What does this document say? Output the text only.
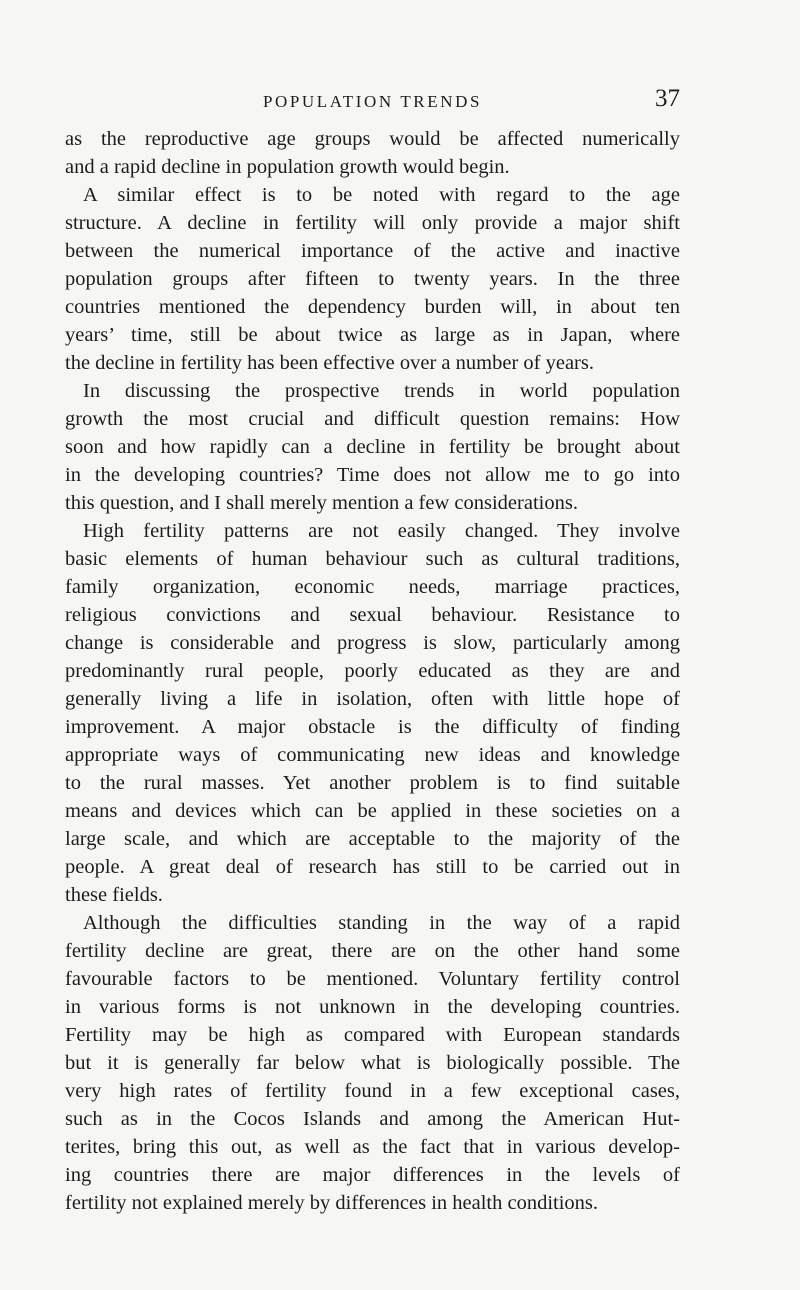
POPULATION TRENDS	37
as the reproductive age groups would be affected numerically
and a rapid decline in population growth would begin.
A similar effect is to be noted with regard to the age
structure. A decline in fertility will only provide a major shift
between the numerical importance of the active and inactive
population groups after fifteen to twenty years. In the three
countries mentioned the dependency burden will, in about ten
years’ time, still be about twice as large as in Japan, where
the decline in fertility has been effective over a number of years.
In discussing the prospective trends in world population
growth the most crucial and difficult question remains: How
soon and how rapidly can a decline in fertility be brought about
in the developing countries? Time does not allow me to go into
this question, and I shall merely mention a few considerations.
High fertility patterns are not easily changed. They involve
basic elements of human behaviour such as cultural traditions,
family organization, economic needs, marriage practices,
religious convictions and sexual behaviour. Resistance to
change is considerable and progress is slow, particularly among
predominantly rural people, poorly educated as they are and
generally living a life in isolation, often with little hope of
improvement. A major obstacle is the difficulty of finding
appropriate ways of communicating new ideas and knowledge
to the rural masses. Yet another problem is to find suitable
means and devices which can be applied in these societies on a
large scale, and which are acceptable to the majority of the
people. A great deal of research has still to be carried out in
these fields.
Although the difficulties standing in the way of a rapid
fertility decline are great, there are on the other hand some
favourable factors to be mentioned. Voluntary fertility control
in various forms is not unknown in the developing countries.
Fertility may be high as compared with European standards
but it is generally far below what is biologically possible. The
very high rates of fertility found in a few exceptional cases,
such as in the Cocos Islands and among the American Hut-
terites, bring this out, as well as the fact that in various develop-
ing countries there are major differences in the levels of
fertility not explained merely by differences in health conditions.
